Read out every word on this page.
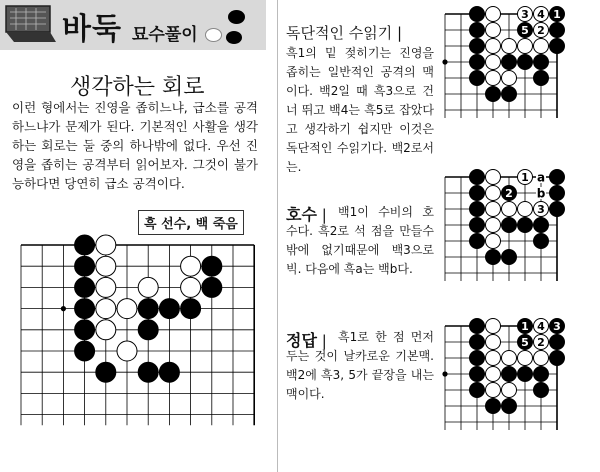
바둑 묘수풀이
생각하는 회로
이런 형에서는 진영을 좁히느냐, 급소를 공격하느냐가 문제가 된다. 기본적인 사활을 생각하는 회로는 둘 중의 하나밖에 없다. 우선 진영을 좁히는 공격부터 읽어보자. 그것이 불가능하다면 당연히 급소 공격이다.
흑 선수, 백 죽음
독단적인 수읽기 |
흑1의 밑 젖히기는 진영을 좁히는 일반적인 공격의 맥이다. 백2일 때 흑3으로 건너 뛰고 백4는 흑5로 잡았다고 생각하기 쉽지만 이것은 독단적인 수읽기다. 백2로서는.
호수 | 백1이 수비의 호수다. 흑2로 석 점을 만들수밖에 없기때문에 백3으로 빅. 다음에 흑a는 백b다.
정답 | 흑1로 한 점 먼저 두는 것이 날카로운 기본맥. 백2에 흑3, 5가 끝장을 내는 맥이다.
3 4 1
5 2
1 a
2 b
3
1 4 3
5 2
